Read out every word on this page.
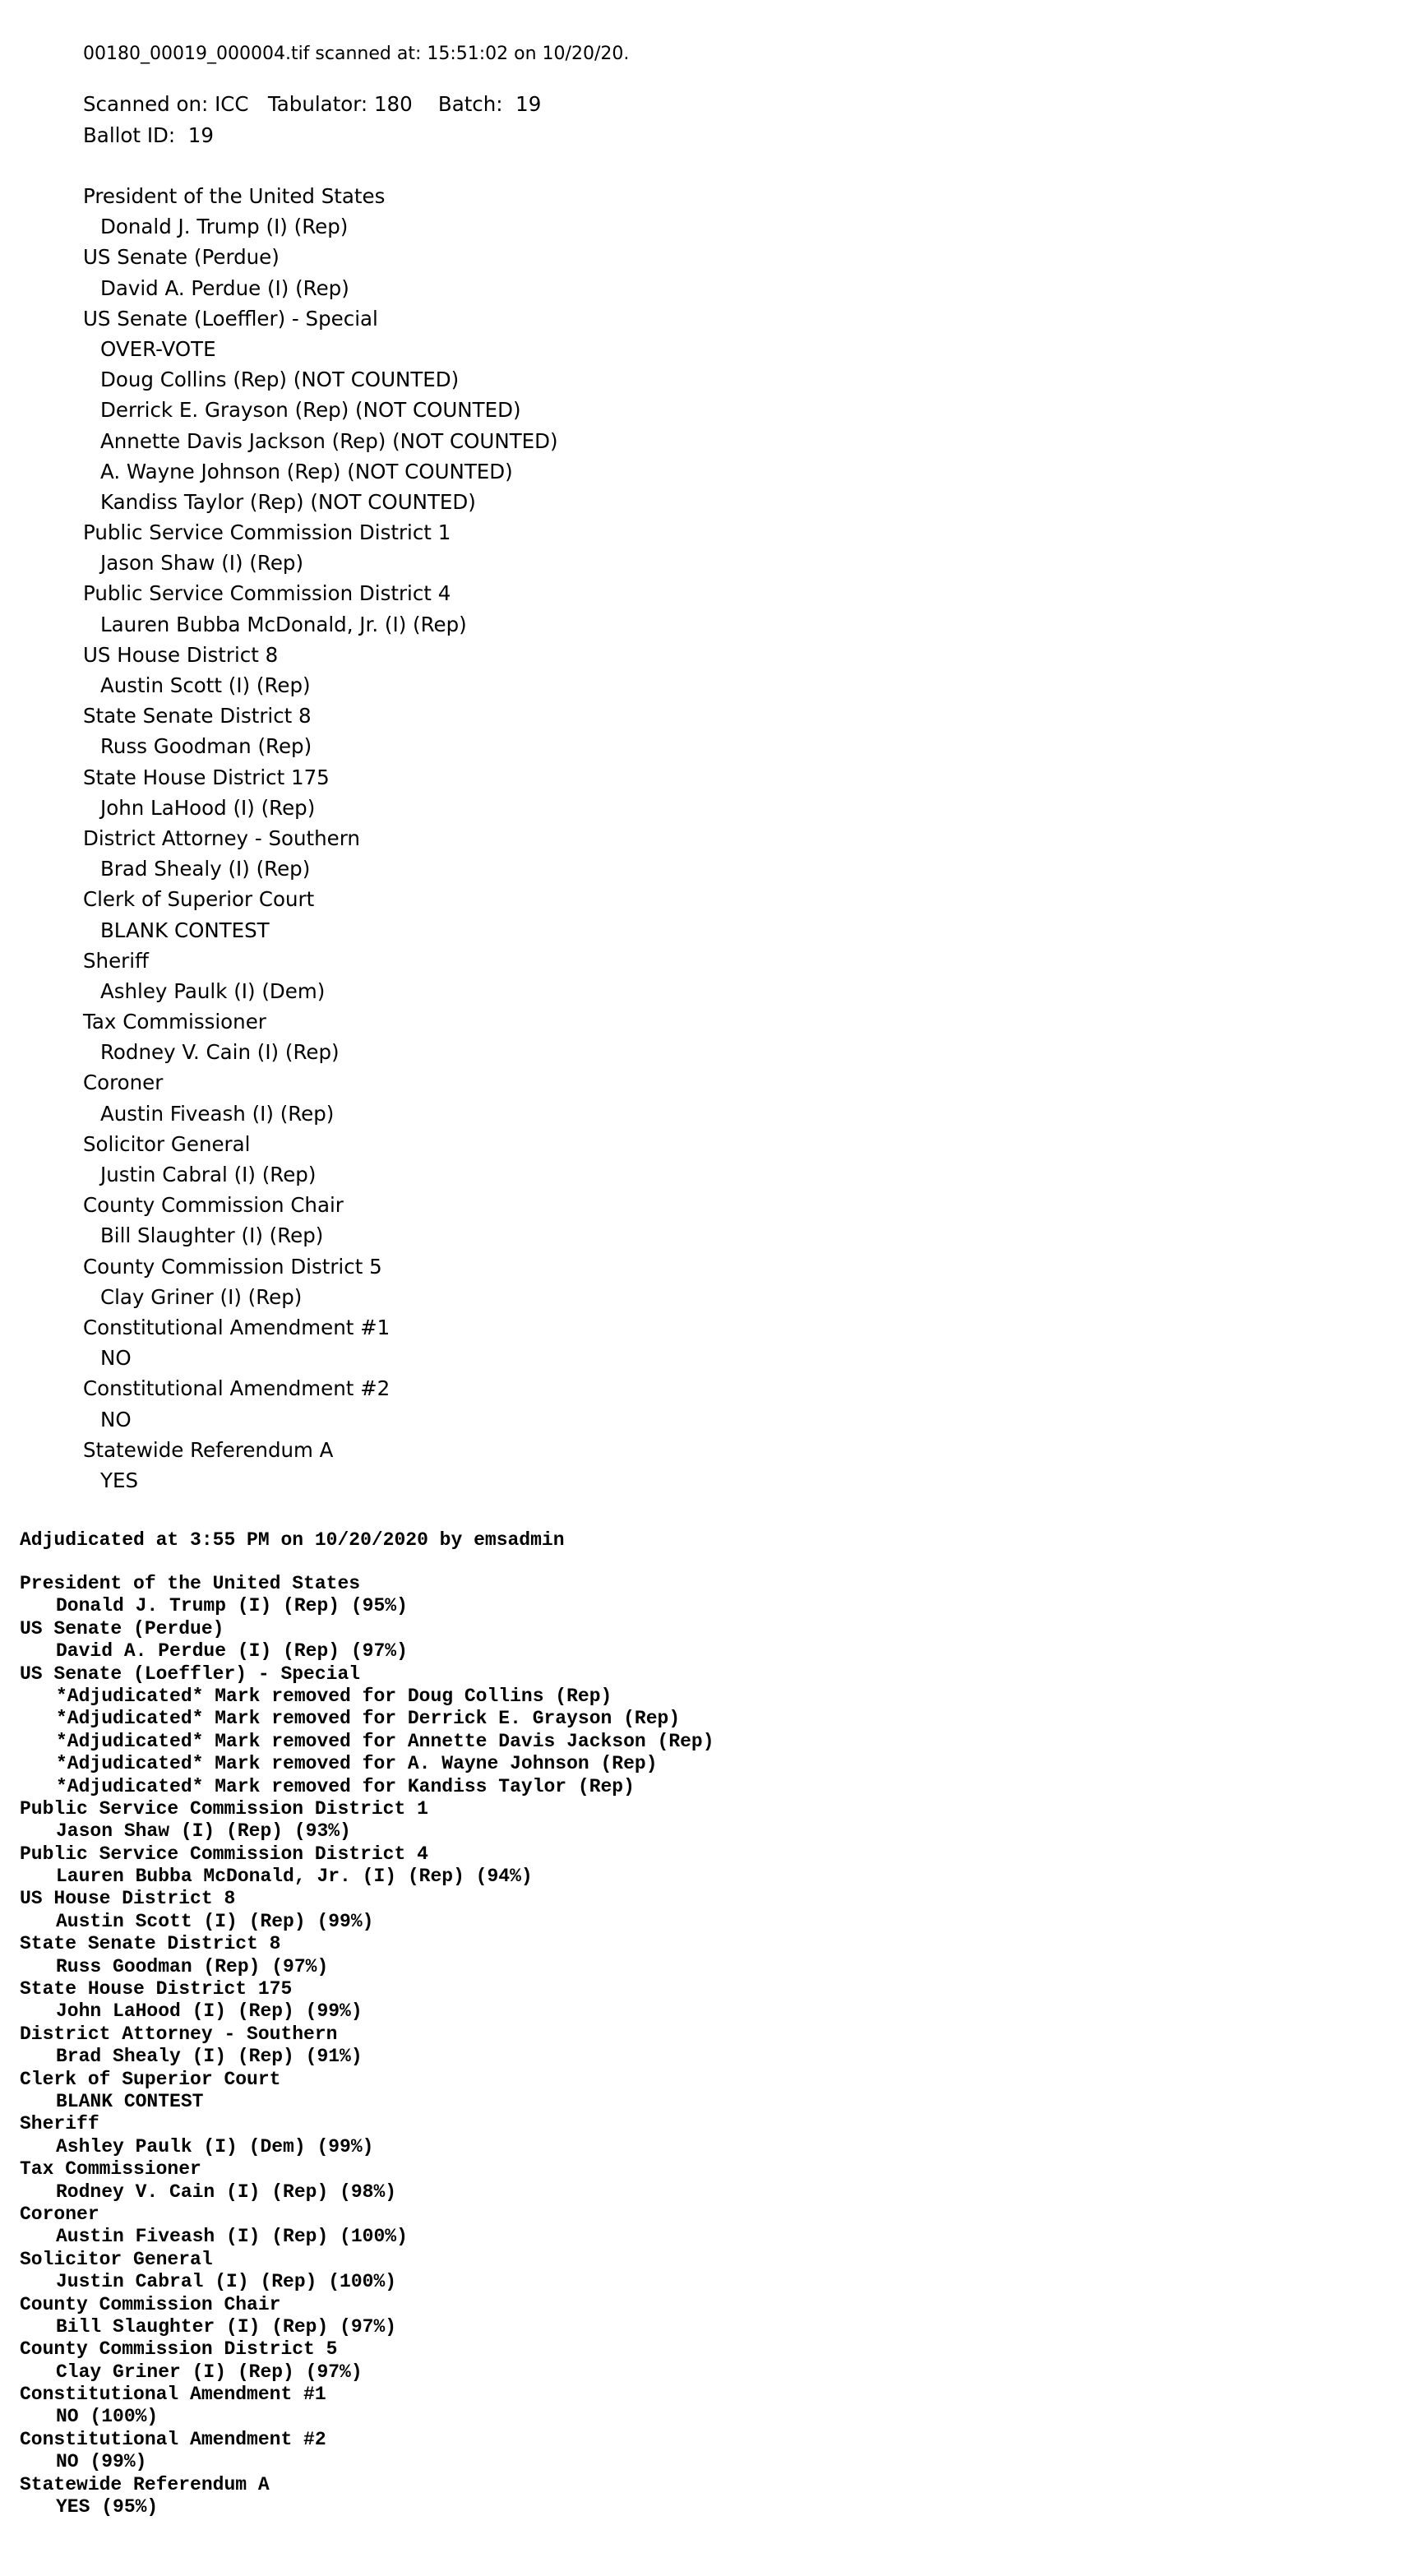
00180_00019_000004.tif scanned at: 15:51:02 on 10/20/20.
Scanned on: ICC   Tabulator: 180    Batch:  19
Ballot ID:  19
President of the United States
Donald J. Trump (I) (Rep)
US Senate (Perdue)
David A. Perdue (I) (Rep)
US Senate (Loeffler) - Special
OVER-VOTE
Doug Collins (Rep) (NOT COUNTED)
Derrick E. Grayson (Rep) (NOT COUNTED)
Annette Davis Jackson (Rep) (NOT COUNTED)
A. Wayne Johnson (Rep) (NOT COUNTED)
Kandiss Taylor (Rep) (NOT COUNTED)
Public Service Commission District 1
Jason Shaw (I) (Rep)
Public Service Commission District 4
Lauren Bubba McDonald, Jr. (I) (Rep)
US House District 8
Austin Scott (I) (Rep)
State Senate District 8
Russ Goodman (Rep)
State House District 175
John LaHood (I) (Rep)
District Attorney - Southern
Brad Shealy (I) (Rep)
Clerk of Superior Court
BLANK CONTEST
Sheriff
Ashley Paulk (I) (Dem)
Tax Commissioner
Rodney V. Cain (I) (Rep)
Coroner
Austin Fiveash (I) (Rep)
Solicitor General
Justin Cabral (I) (Rep)
County Commission Chair
Bill Slaughter (I) (Rep)
County Commission District 5
Clay Griner (I) (Rep)
Constitutional Amendment #1
NO
Constitutional Amendment #2
NO
Statewide Referendum A
YES
Adjudicated at 3:55 PM on 10/20/2020 by emsadmin
President of the United States
Donald J. Trump (I) (Rep) (95%)
US Senate (Perdue)
David A. Perdue (I) (Rep) (97%)
US Senate (Loeffler) - Special
*Adjudicated* Mark removed for Doug Collins (Rep)
*Adjudicated* Mark removed for Derrick E. Grayson (Rep)
*Adjudicated* Mark removed for Annette Davis Jackson (Rep)
*Adjudicated* Mark removed for A. Wayne Johnson (Rep)
*Adjudicated* Mark removed for Kandiss Taylor (Rep)
Public Service Commission District 1
Jason Shaw (I) (Rep) (93%)
Public Service Commission District 4
Lauren Bubba McDonald, Jr. (I) (Rep) (94%)
US House District 8
Austin Scott (I) (Rep) (99%)
State Senate District 8
Russ Goodman (Rep) (97%)
State House District 175
John LaHood (I) (Rep) (99%)
District Attorney - Southern
Brad Shealy (I) (Rep) (91%)
Clerk of Superior Court
BLANK CONTEST
Sheriff
Ashley Paulk (I) (Dem) (99%)
Tax Commissioner
Rodney V. Cain (I) (Rep) (98%)
Coroner
Austin Fiveash (I) (Rep) (100%)
Solicitor General
Justin Cabral (I) (Rep) (100%)
County Commission Chair
Bill Slaughter (I) (Rep) (97%)
County Commission District 5
Clay Griner (I) (Rep) (97%)
Constitutional Amendment #1
NO (100%)
Constitutional Amendment #2
NO (99%)
Statewide Referendum A
YES (95%)
